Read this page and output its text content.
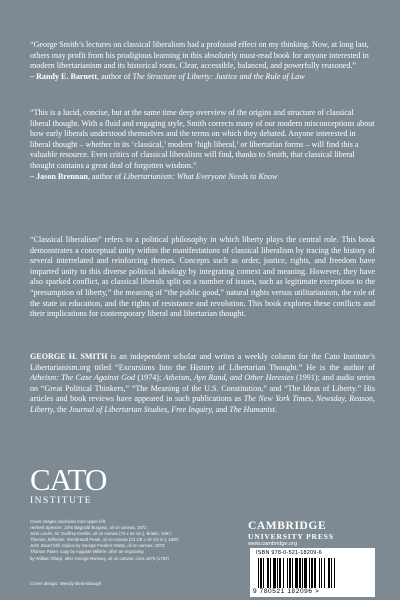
“George Smith’s lectures on classical liberalism had a profound effect on my thinking. Now, at long last, others may profit from his prodigious learning in this absolutely must-read book for anyone interested in modern libertarianism and its historical roots. Clear, accessible, balanced, and powerfully reasoned.”
– Randy E. Barnett, author of The Structure of Liberty: Justice and the Rule of Law
“This is a lucid, concise, but at the same time deep overview of the origins and structure of classical liberal thought. With a fluid and engaging style, Smith corrects many of our modern misconceptions about how early liberals understood themselves and the terms on which they debated. Anyone interested in liberal thought – whether in its ‘classical,’ modern ‘high liberal,’ or libertarian forms – will find this a valuable resource. Even critics of classical liberalism will find, thanks to Smith, that classical liberal thought contains a great deal of forgotten wisdom.”
– Jason Brennan, author of Libertarianism: What Everyone Needs to Know

“Classical liberalism” refers to a political philosophy in which liberty plays the central role. This book demonstrates a conceptual unity within the manifestations of classical liberalism by tracing the history of several interrelated and reinforcing themes. Concepts such as order, justice, rights, and freedom have imparted unity to this diverse political ideology by integrating context and meaning. However, they have also sparked conflict, as classical liberals split on a number of issues, such as legitimate exceptions to the “presumption of liberty,” the meaning of “the public good,” natural rights versus utilitarianism, the role of the state in education, and the rights of resistance and revolution. This book explores these conflicts and their implications for contemporary liberal and libertarian thought.

GEORGE H. SMITH is an independent scholar and writes a weekly column for the Cato Institute’s Libertarianism.org titled “Excursions Into the History of Libertarian Thought.” He is the author of Atheism: The Case Against God (1974); Atheism, Ayn Rand, and Other Heresies (1991); and audio series on “Great Political Thinkers,” “The Meaning of the U.S. Constitution,” and “The Ideas of Liberty.” His articles and book reviews have appeared in such publications as The New York Times, Newsday, Reason, Liberty, the Journal of Libertarian Studies, Free Inquiry, and The Humanist.

CATO
INSTITUTE
Cover images clockwise from upper left:
Herbert Spencer, John Bagnold Burgess, oil on canvas, 1872;
John Locke, Sir Godfrey Kneller, oil on canvas (76 x 64 cm.), Britain, 1697;
Thomas Jefferson, Rembrandt Peale, oil on canvas (23 1/8 x 19 1/4 in.), 1800;
John Stuart Mill, replica by George Frederic Watts, oil on canvas, 1873;
Thomas Paine, copy by Auguste Millière, after an engraving
by William Sharp, after George Romney, oil on canvas, circa 1876 (1792)
Cover design: Wendy Bedenbaugh
CAMBRIDGE
UNIVERSITY PRESS
www.cambridge.org
ISBN 978-0-521-18209-6
9 780521 182096 >
